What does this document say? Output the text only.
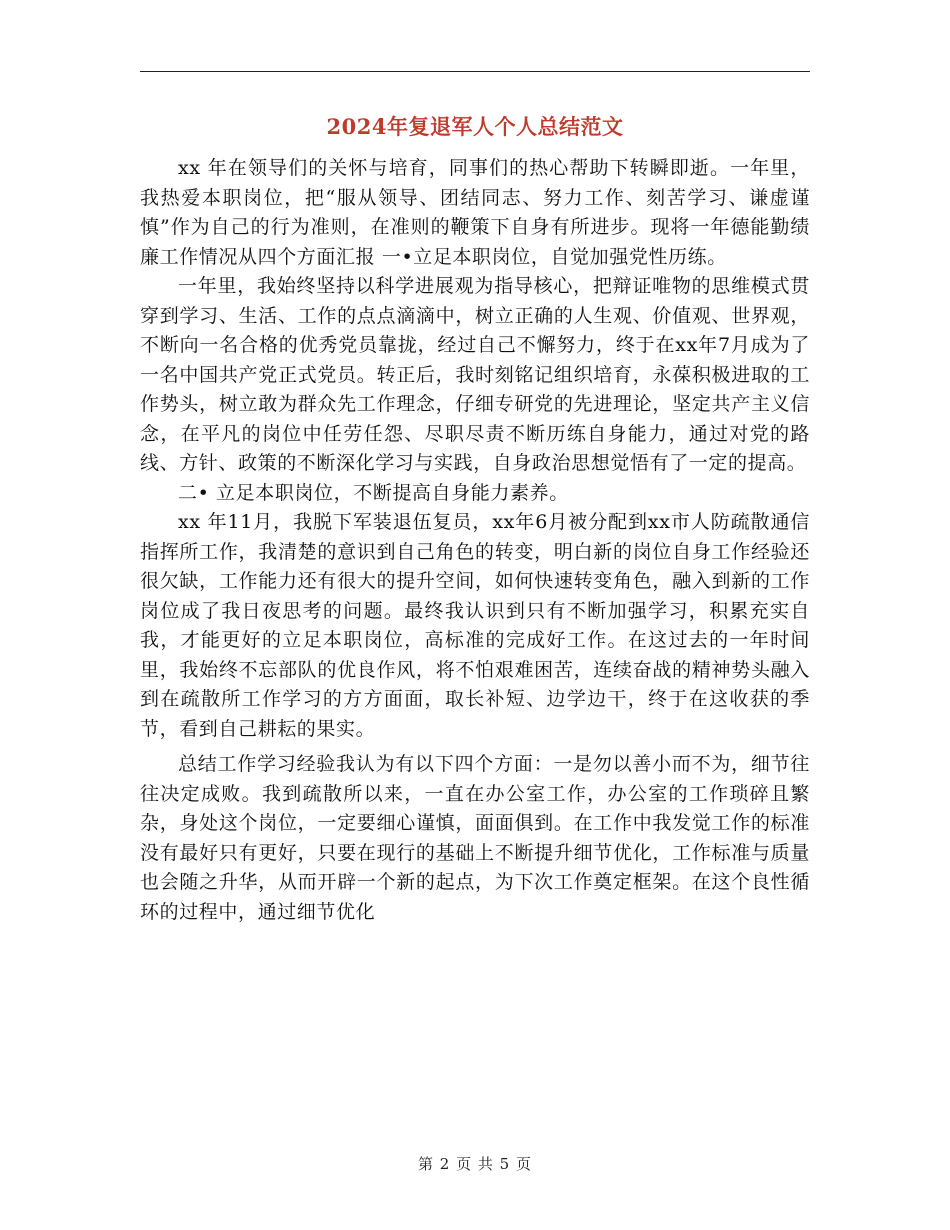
2024年复退军人个人总结范文

xx 年在领导们的关怀与培育，同事们的热心帮助下转瞬即逝。一年里，我热爱本职岗位，把“服从领导、团结同志、努力工作、刻苦学习、谦虚谨慎”作为自己的行为准则，在准则的鞭策下自身有所进步。现将一年德能勤绩廉工作情况从四个方面汇报 一•立足本职岗位，自觉加强党性历练。

一年里，我始终坚持以科学进展观为指导核心，把辩证唯物的思维模式贯穿到学习、生活、工作的点点滴滴中，树立正确的人生观、价值观、世界观，不断向一名合格的优秀党员靠拢，经过自己不懈努力，终于在xx年7月成为了一名中国共产党正式党员。转正后，我时刻铭记组织培育，永葆积极进取的工作势头，树立敢为群众先工作理念，仔细专研党的先进理论，坚定共产主义信念，在平凡的岗位中任劳任怨、尽职尽责不断历练自身能力，通过对党的路线、方针、政策的不断深化学习与实践，自身政治思想觉悟有了一定的提高。

二• 立足本职岗位，不断提高自身能力素养。

xx 年11月，我脱下军装退伍复员，xx年6月被分配到xx市人防疏散通信指挥所工作，我清楚的意识到自己角色的转变，明白新的岗位自身工作经验还很欠缺，工作能力还有很大的提升空间，如何快速转变角色，融入到新的工作岗位成了我日夜思考的问题。最终我认识到只有不断加强学习，积累充实自我，才能更好的立足本职岗位，高标准的完成好工作。在这过去的一年时间里，我始终不忘部队的优良作风，将不怕艰难困苦，连续奋战的精神势头融入到在疏散所工作学习的方方面面，取长补短、边学边干，终于在这收获的季节，看到自己耕耘的果实。

总结工作学习经验我认为有以下四个方面：一是勿以善小而不为，细节往往决定成败。我到疏散所以来，一直在办公室工作，办公室的工作琐碎且繁杂，身处这个岗位，一定要细心谨慎，面面俱到。在工作中我发觉工作的标准没有最好只有更好，只要在现行的基础上不断提升细节优化，工作标准与质量也会随之升华，从而开辟一个新的起点，为下次工作奠定框架。在这个良性循环的过程中，通过细节优化

第 2 页 共 5 页
